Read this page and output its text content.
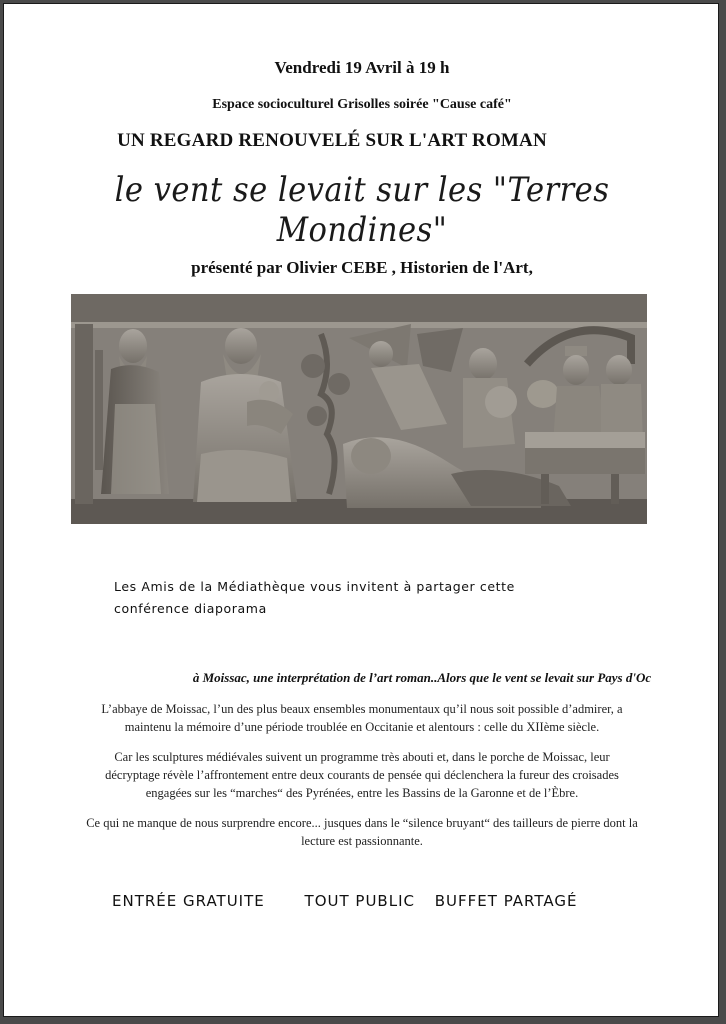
Vendredi 19 Avril à 19 h

Espace socioculturel Grisolles soirée "Cause café"

UN REGARD RENOUVELÉ SUR L'ART ROMAN

le vent se levait sur les "Terres Mondines"

présenté par Olivier CEBE , Historien de l'Art,

Les Amis de la Médiathèque vous invitent à partager cette
conférence diaporama

à Moissac, une interprétation de l’art roman..Alors que le vent se levait sur Pays d'Oc

L’abbaye de Moissac, l’un des plus beaux ensembles monumentaux qu’il nous soit possible d’admirer, a
maintenu la mémoire d’une période troublée en Occitanie et alentours : celle du XIIème siècle.
Car les sculptures médiévales suivent un programme très abouti et, dans le porche de Moissac, leur
décryptage révèle l’affrontement entre deux courants de pensée qui déclenchera la fureur des croisades
engagées sur les “marches“ des Pyrénées, entre les Bassins de la Garonne et de l’Èbre.
Ce qui ne manque de nous surprendre encore... jusques dans le “silence bruyant“ des tailleurs de pierre dont la
lecture est passionnante.
ENTRÉE GRATUITE	TOUT PUBLIC BUFFET PARTAGÉ
